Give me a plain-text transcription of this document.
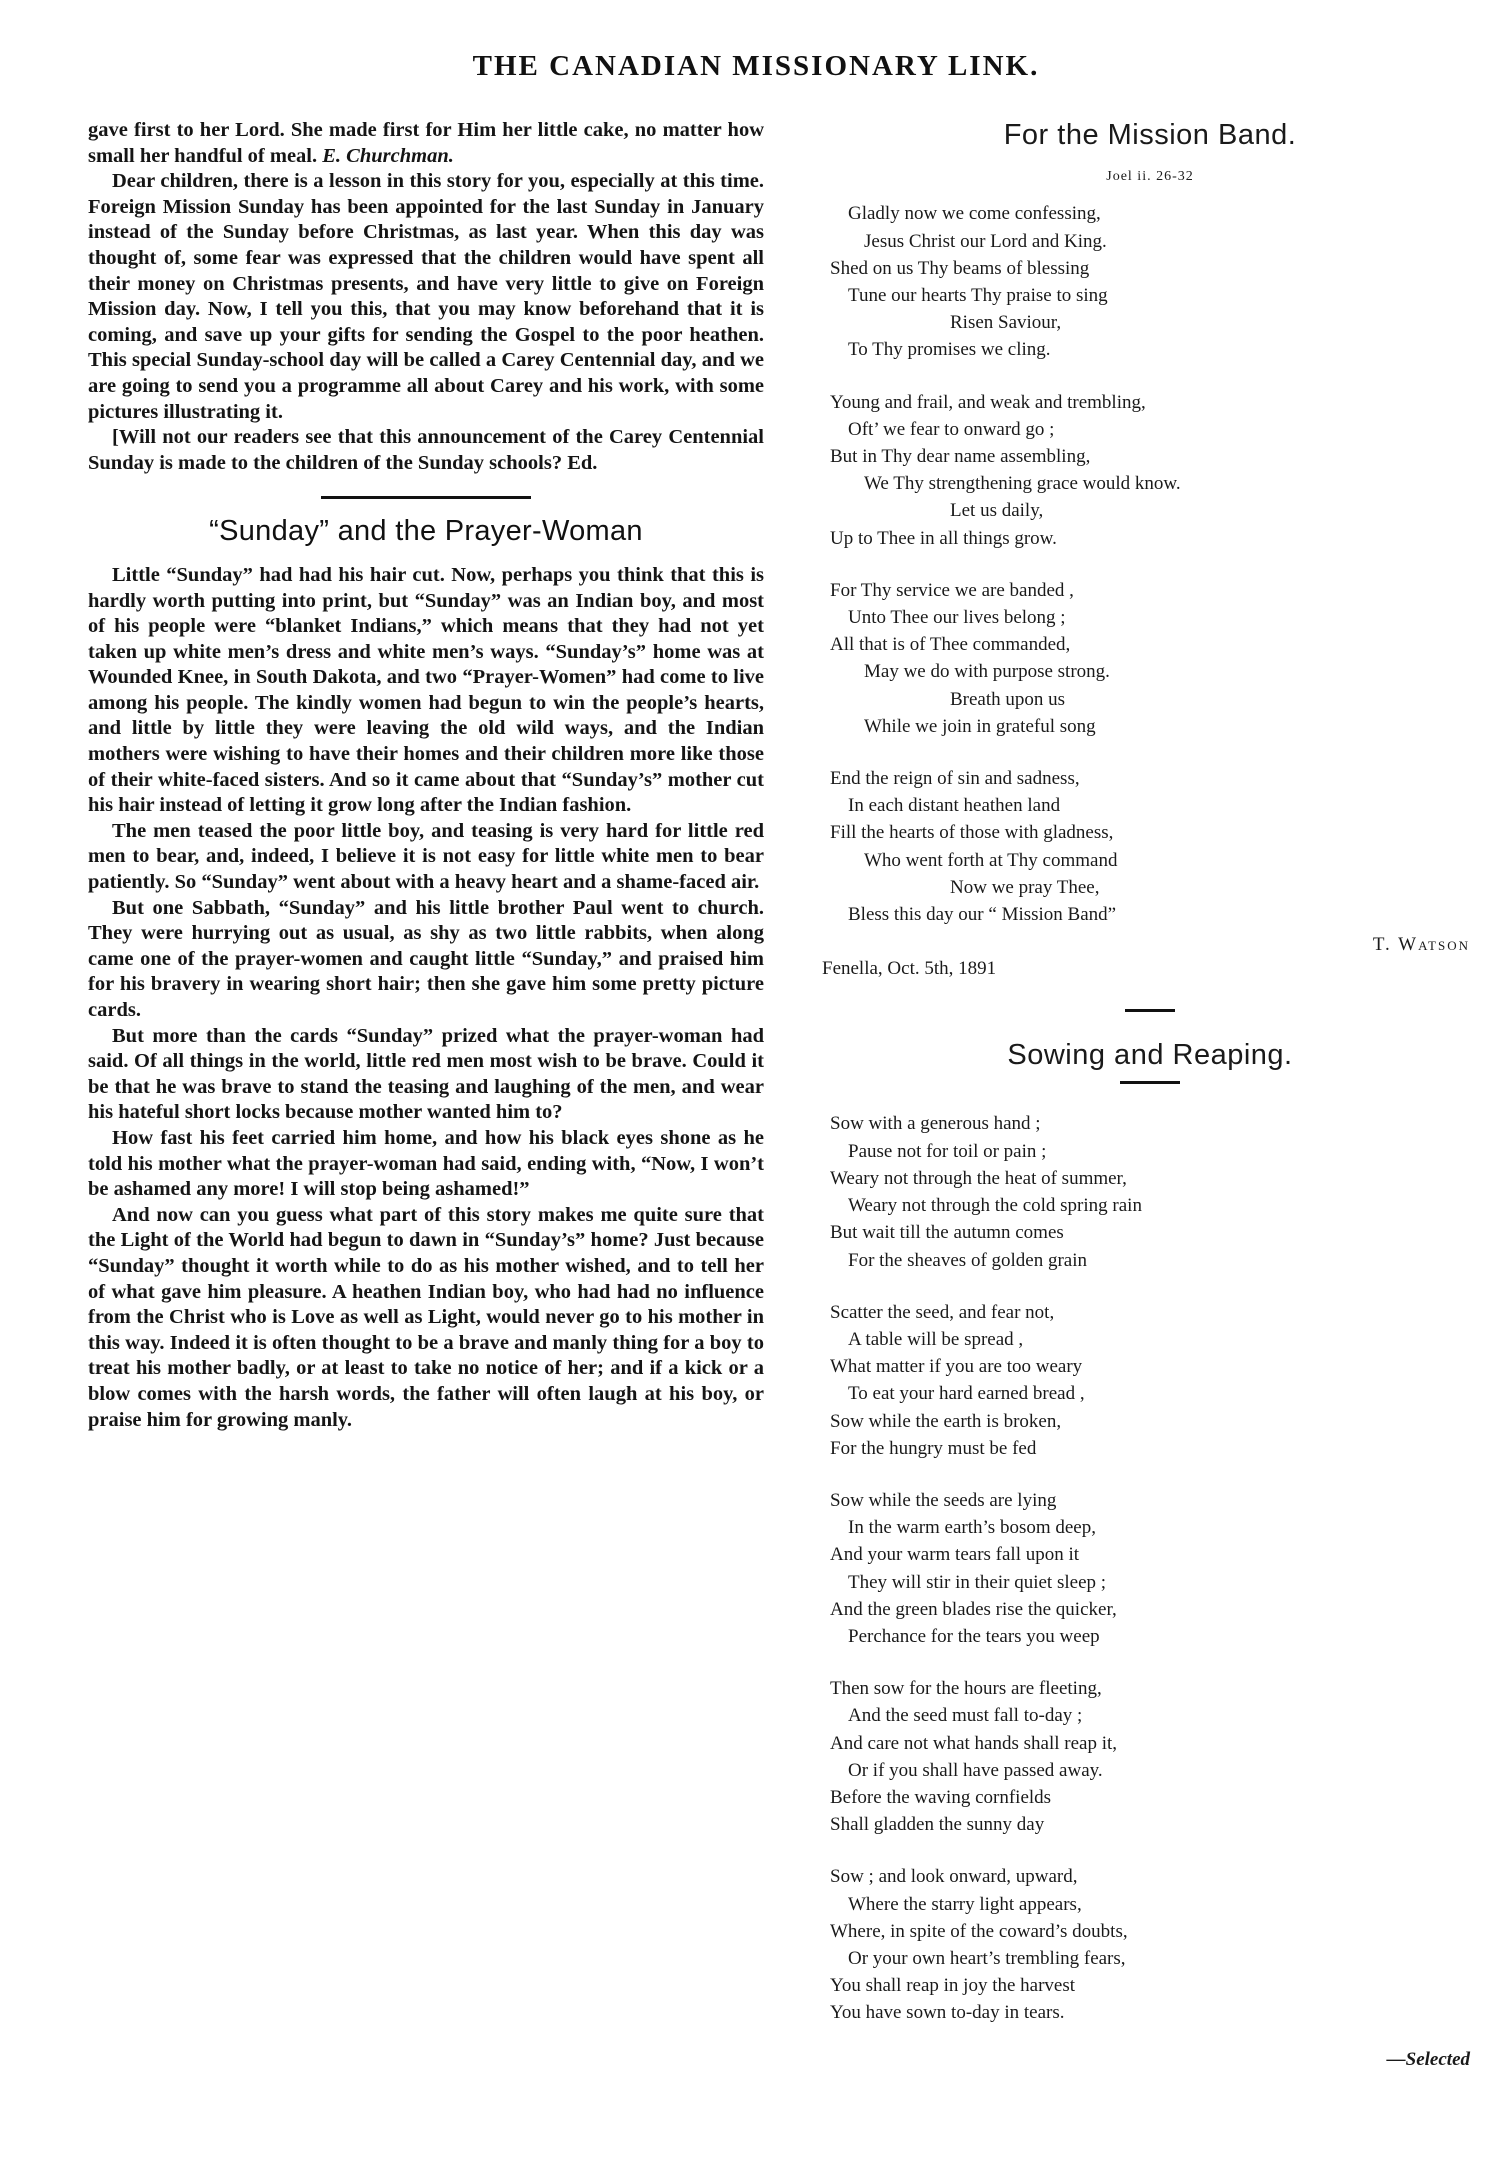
THE CANADIAN MISSIONARY LINK.

gave first to her Lord. She made first for Him her little cake, no matter how small her handful of meal. E. Churchman.

Dear children, there is a lesson in this story for you, especially at this time. Foreign Mission Sunday has been appointed for the last Sunday in January instead of the Sunday before Christmas, as last year. When this day was thought of, some fear was expressed that the children would have spent all their money on Christmas presents, and have very little to give on Foreign Mission day. Now, I tell you this, that you may know beforehand that it is coming, and save up your gifts for sending the Gospel to the poor heathen. This special Sunday-school day will be called a Carey Centennial day, and we are going to send you a programme all about Carey and his work, with some pictures illustrating it.

[Will not our readers see that this announcement of the Carey Centennial Sunday is made to the children of the Sunday schools? Ed.

“Sunday” and the Prayer-Woman

Little “Sunday” had had his hair cut. Now, perhaps you think that this is hardly worth putting into print, but “Sunday” was an Indian boy, and most of his people were “blanket Indians,” which means that they had not yet taken up white men’s dress and white men’s ways. “Sunday’s” home was at Wounded Knee, in South Dakota, and two “Prayer-Women” had come to live among his people. The kindly women had begun to win the people’s hearts, and little by little they were leaving the old wild ways, and the Indian mothers were wishing to have their homes and their children more like those of their white-faced sisters. And so it came about that “Sunday’s” mother cut his hair instead of letting it grow long after the Indian fashion.

The men teased the poor little boy, and teasing is very hard for little red men to bear, and, indeed, I believe it is not easy for little white men to bear patiently. So “Sunday” went about with a heavy heart and a shame-faced air.

But one Sabbath, “Sunday” and his little brother Paul went to church. They were hurrying out as usual, as shy as two little rabbits, when along came one of the prayer-women and caught little “Sunday,” and praised him for his bravery in wearing short hair; then she gave him some pretty picture cards.

But more than the cards “Sunday” prized what the prayer-woman had said. Of all things in the world, little red men most wish to be brave. Could it be that he was brave to stand the teasing and laughing of the men, and wear his hateful short locks because mother wanted him to?

How fast his feet carried him home, and how his black eyes shone as he told his mother what the prayer-woman had said, ending with, “Now, I won’t be ashamed any more! I will stop being ashamed!”

And now can you guess what part of this story makes me quite sure that the Light of the World had begun to dawn in “Sunday’s” home? Just because “Sunday” thought it worth while to do as his mother wished, and to tell her of what gave him pleasure. A heathen Indian boy, who had had no influence from the Christ who is Love as well as Light, would never go to his mother in this way. Indeed it is often thought to be a brave and manly thing for a boy to treat his mother badly, or at least to take no notice of her; and if a kick or a blow comes with the harsh words, the father will often laugh at his boy, or praise him for growing manly.

For the Mission Band.
Joel ii. 26-32
Gladly now we come confessing,
Jesus Christ our Lord and King.
Shed on us Thy beams of blessing
Tune our hearts Thy praise to sing
Risen Saviour,
To Thy promises we cling.
Young and frail, and weak and trembling,
Oft’ we fear to onward go ;
But in Thy dear name assembling,
We Thy strengthening grace would know.
Let us daily,
Up to Thee in all things grow.
For Thy service we are banded ,
Unto Thee our lives belong ;
All that is of Thee commanded,
May we do with purpose strong.
Breath upon us
While we join in grateful song
End the reign of sin and sadness,
In each distant heathen land
Fill the hearts of those with gladness,
Who went forth at Thy command
Now we pray Thee,
Bless this day our “ Mission Band”
T. Watson
Fenella, Oct. 5th, 1891
Sowing and Reaping.
Sow with a generous hand ;
Pause not for toil or pain ;
Weary not through the heat of summer,
Weary not through the cold spring rain
But wait till the autumn comes
For the sheaves of golden grain
Scatter the seed, and fear not,
A table will be spread ,
What matter if you are too weary
To eat your hard earned bread ,
Sow while the earth is broken,
For the hungry must be fed
Sow while the seeds are lying
In the warm earth’s bosom deep,
And your warm tears fall upon it
They will stir in their quiet sleep ;
And the green blades rise the quicker,
Perchance for the tears you weep
Then sow for the hours are fleeting,
And the seed must fall to-day ;
And care not what hands shall reap it,
Or if you shall have passed away.
Before the waving cornfields
Shall gladden the sunny day
Sow ; and look onward, upward,
Where the starry light appears,
Where, in spite of the coward’s doubts,
Or your own heart’s trembling fears,
You shall reap in joy the harvest
You have sown to-day in tears.
—Selected
